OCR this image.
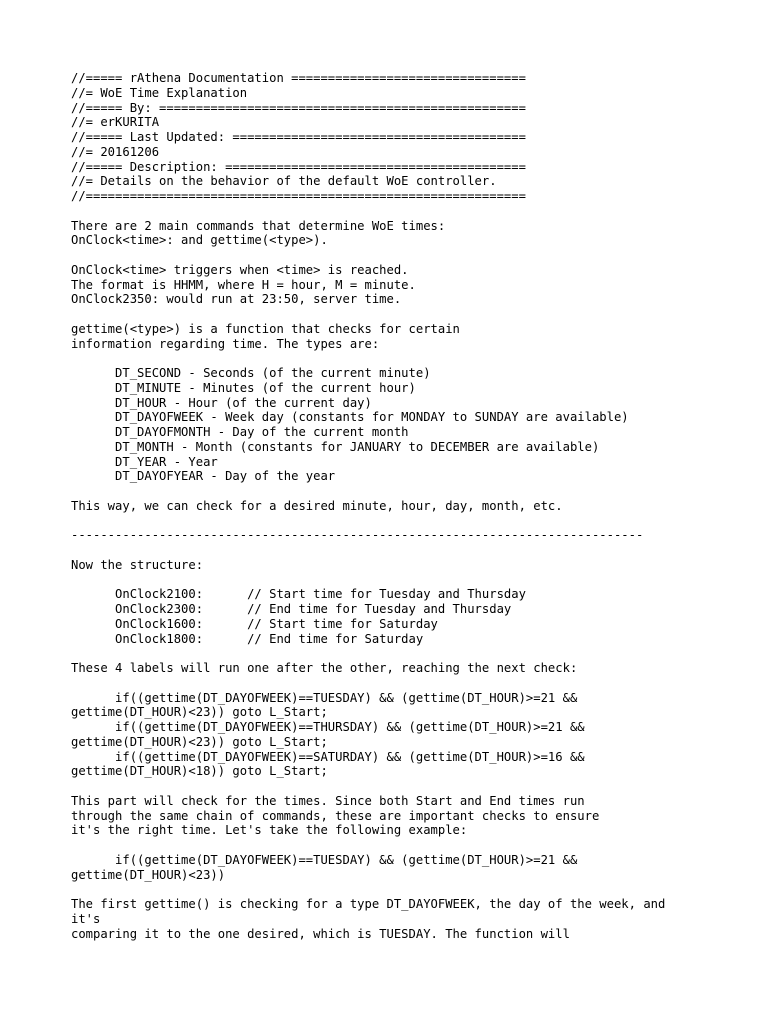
//===== rAthena Documentation ================================
//= WoE Time Explanation
//===== By: ==================================================
//= erKURITA
//===== Last Updated: ========================================
//= 20161206
//===== Description: =========================================
//= Details on the behavior of the default WoE controller.
//============================================================
There are 2 main commands that determine WoE times:
OnClock<time>: and gettime(<type>).
OnClock<time> triggers when <time> is reached.
The format is HHMM, where H = hour, M = minute.
OnClock2350: would run at 23:50, server time.
gettime(<type>) is a function that checks for certain
information regarding time. The types are:
DT_SECOND - Seconds (of the current minute)
DT_MINUTE - Minutes (of the current hour)
DT_HOUR - Hour (of the current day)
DT_DAYOFWEEK - Week day (constants for MONDAY to SUNDAY are available)
DT_DAYOFMONTH - Day of the current month
DT_MONTH - Month (constants for JANUARY to DECEMBER are available)
DT_YEAR - Year
DT_DAYOFYEAR - Day of the year
This way, we can check for a desired minute, hour, day, month, etc.
------------------------------------------------------------------------------
Now the structure:
OnClock2100:      // Start time for Tuesday and Thursday
OnClock2300:      // End time for Tuesday and Thursday
OnClock1600:      // Start time for Saturday
OnClock1800:      // End time for Saturday
These 4 labels will run one after the other, reaching the next check:
if((gettime(DT_DAYOFWEEK)==TUESDAY) && (gettime(DT_HOUR)>=21 &&
gettime(DT_HOUR)<23)) goto L_Start;
if((gettime(DT_DAYOFWEEK)==THURSDAY) && (gettime(DT_HOUR)>=21 &&
gettime(DT_HOUR)<23)) goto L_Start;
if((gettime(DT_DAYOFWEEK)==SATURDAY) && (gettime(DT_HOUR)>=16 &&
gettime(DT_HOUR)<18)) goto L_Start;
This part will check for the times. Since both Start and End times run
through the same chain of commands, these are important checks to ensure
it's the right time. Let's take the following example:
if((gettime(DT_DAYOFWEEK)==TUESDAY) && (gettime(DT_HOUR)>=21 &&
gettime(DT_HOUR)<23))
The first gettime() is checking for a type DT_DAYOFWEEK, the day of the week, and
it's
comparing it to the one desired, which is TUESDAY. The function will
